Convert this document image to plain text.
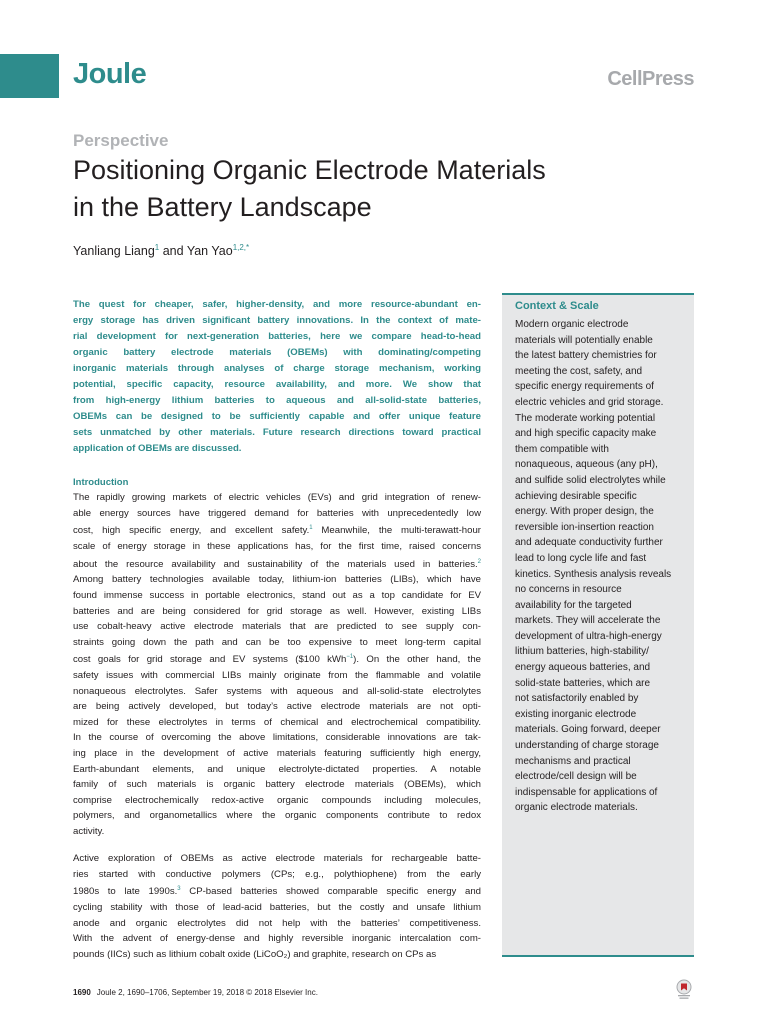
Joule	CellPress
Perspective
Positioning Organic Electrode Materials
in the Battery Landscape
Yanliang Liang$^1$ and Yan Yao$^{1,2,*}$
The quest for cheaper, safer, higher-density, and more resource-abundant en-
ergy storage has driven significant battery innovations. In the context of mate-
rial development for next-generation batteries, here we compare head-to-head
organic battery electrode materials (OBEMs) with dominating/competing
inorganic materials through analyses of charge storage mechanism, working
potential, specific capacity, resource availability, and more. We show that
from high-energy lithium batteries to aqueous and all-solid-state batteries,
OBEMs can be designed to be sufficiently capable and offer unique feature
sets unmatched by other materials. Future research directions toward practical
application of OBEMs are discussed.
Introduction
The rapidly growing markets of electric vehicles (EVs) and grid integration of renew-
able energy sources have triggered demand for batteries with unprecedentedly low
cost, high specific energy, and excellent safety.$^1$ Meanwhile, the multi-terawatt-hour
scale of energy storage in these applications has, for the first time, raised concerns
about the resource availability and sustainability of the materials used in batteries.$^2$
Among battery technologies available today, lithium-ion batteries (LIBs), which have
found immense success in portable electronics, stand out as a top candidate for EV
batteries and are being considered for grid storage as well. However, existing LIBs
use cobalt-heavy active electrode materials that are predicted to see supply con-
straints going down the path and can be too expensive to meet long-term capital
cost goals for grid storage and EV systems ($100 kWh$^{-1}$). On the other hand, the
safety issues with commercial LIBs mainly originate from the flammable and volatile
nonaqueous electrolytes. Safer systems with aqueous and all-solid-state electrolytes
are being actively developed, but today’s active electrode materials are not opti-
mized for these electrolytes in terms of chemical and electrochemical compatibility.
In the course of overcoming the above limitations, considerable innovations are tak-
ing place in the development of active materials featuring sufficiently high energy,
Earth-abundant elements, and unique electrolyte-dictated properties. A notable
family of such materials is organic battery electrode materials (OBEMs), which
comprise electrochemically redox-active organic compounds including molecules,
polymers, and organometallics where the organic components contribute to redox
activity.
Active exploration of OBEMs as active electrode materials for rechargeable batte-
ries started with conductive polymers (CPs; e.g., polythiophene) from the early
1980s to late 1990s.$^3$ CP-based batteries showed comparable specific energy and
cycling stability with those of lead-acid batteries, but the costly and unsafe lithium
anode and organic electrolytes did not help with the batteries’ competitiveness.
With the advent of energy-dense and highly reversible inorganic intercalation com-
pounds (IICs) such as lithium cobalt oxide (LiCoO₂) and graphite, research on CPs as
Context & Scale
Modern organic electrode
materials will potentially enable
the latest battery chemistries for
meeting the cost, safety, and
specific energy requirements of
electric vehicles and grid storage.
The moderate working potential
and high specific capacity make
them compatible with
nonaqueous, aqueous (any pH),
and sulfide solid electrolytes while
achieving desirable specific
energy. With proper design, the
reversible ion-insertion reaction
and adequate conductivity further
lead to long cycle life and fast
kinetics. Synthesis analysis reveals
no concerns in resource
availability for the targeted
markets. They will accelerate the
development of ultra-high-energy
lithium batteries, high-stability/
energy aqueous batteries, and
solid-state batteries, which are
not satisfactorily enabled by
existing inorganic electrode
materials. Going forward, deeper
understanding of charge storage
mechanisms and practical
electrode/cell design will be
indispensable for applications of
organic electrode materials.
1690 Joule 2, 1690–1706, September 19, 2018 © 2018 Elsevier Inc.
